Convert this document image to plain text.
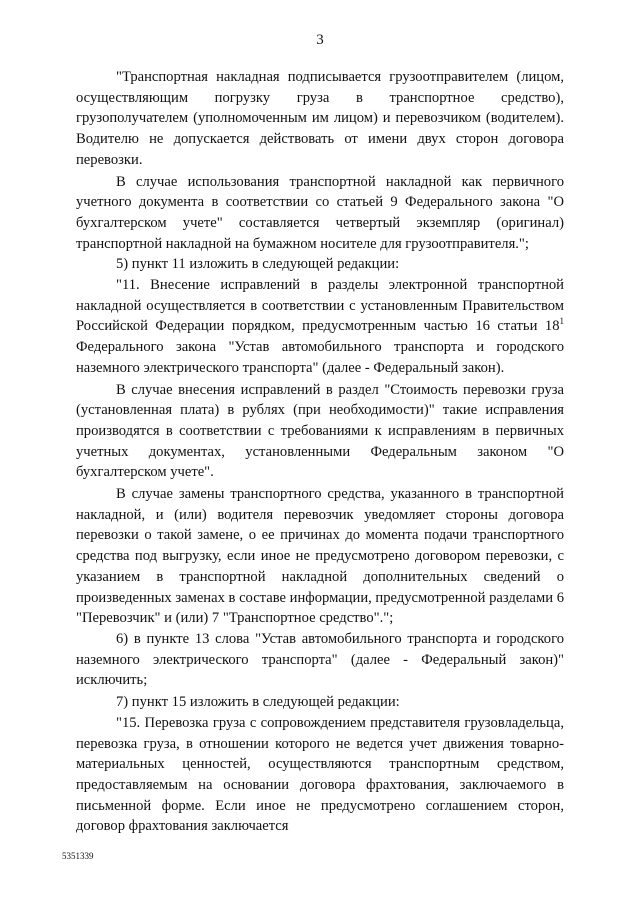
3

"Транспортная накладная подписывается грузоотправителем (лицом, осуществляющим погрузку груза в транспортное средство), грузополучателем (уполномоченным им лицом) и перевозчиком (водителем). Водителю не допускается действовать от имени двух сторон договора перевозки.

В случае использования транспортной накладной как первичного учетного документа в соответствии со статьей 9 Федерального закона "О бухгалтерском учете" составляется четвертый экземпляр (оригинал) транспортной накладной на бумажном носителе для грузоотправителя.";

5) пункт 11 изложить в следующей редакции:

"11. Внесение исправлений в разделы электронной транспортной накладной осуществляется в соответствии с установленным Правительством Российской Федерации порядком, предусмотренным частью 16 статьи $18^1$ Федерального закона "Устав автомобильного транспорта и городского наземного электрического транспорта" (далее - Федеральный закон).

В случае внесения исправлений в раздел "Стоимость перевозки груза (установленная плата) в рублях (при необходимости)" такие исправления производятся в соответствии с требованиями к исправлениям в первичных учетных документах, установленными Федеральным законом "О бухгалтерском учете".

В случае замены транспортного средства, указанного в транспортной накладной, и (или) водителя перевозчик уведомляет стороны договора перевозки о такой замене, о ее причинах до момента подачи транспортного средства под выгрузку, если иное не предусмотрено договором перевозки, с указанием в транспортной накладной дополнительных сведений о произведенных заменах в составе информации, предусмотренной разделами 6 "Перевозчик" и (или) 7 "Транспортное средство".";

6) в пункте 13 слова "Устав автомобильного транспорта и городского наземного электрического транспорта" (далее - Федеральный закон)" исключить;

7) пункт 15 изложить в следующей редакции:

"15. Перевозка груза с сопровождением представителя грузовладельца, перевозка груза, в отношении которого не ведется учет движения товарно-материальных ценностей, осуществляются транспортным средством, предоставляемым на основании договора фрахтования, заключаемого в письменной форме. Если иное не предусмотрено соглашением сторон, договор фрахтования заключается

5351339
